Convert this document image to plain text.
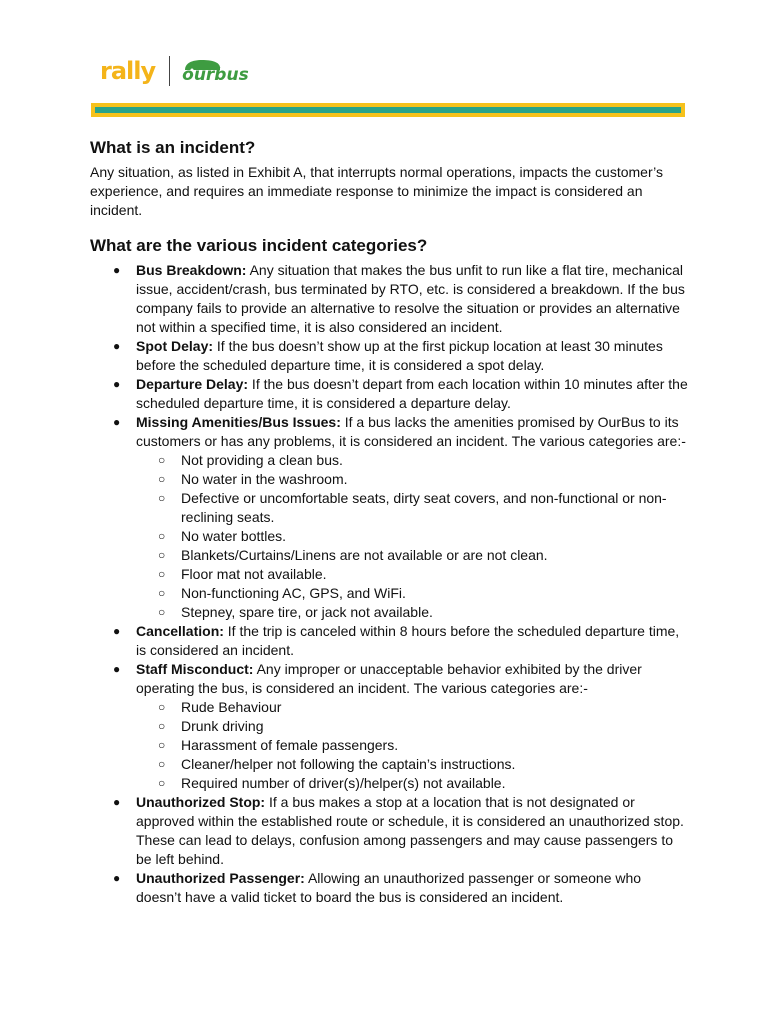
rally ourbus
What is an incident?

Any situation, as listed in Exhibit A, that interrupts normal operations, impacts the customer’s experience, and requires an immediate response to minimize the impact is considered an incident.

What are the various incident categories?
● Bus Breakdown: Any situation that makes the bus unfit to run like a flat tire, mechanical issue, accident/crash, bus terminated by RTO, etc. is considered a breakdown. If the bus company fails to provide an alternative to resolve the situation or provides an alternative not within a specified time, it is also considered an incident.
● Spot Delay: If the bus doesn’t show up at the first pickup location at least 30 minutes before the scheduled departure time, it is considered a spot delay.
● Departure Delay: If the bus doesn’t depart from each location within 10 minutes after the scheduled departure time, it is considered a departure delay.
● Missing Amenities/Bus Issues: If a bus lacks the amenities promised by OurBus to its customers or has any problems, it is considered an incident. The various categories are:-
○ Not providing a clean bus.
○ No water in the washroom.
○ Defective or uncomfortable seats, dirty seat covers, and non-functional or non-reclining seats.
○ No water bottles.
○ Blankets/Curtains/Linens are not available or are not clean.
○ Floor mat not available.
○ Non-functioning AC, GPS, and WiFi.
○ Stepney, spare tire, or jack not available.
● Cancellation: If the trip is canceled within 8 hours before the scheduled departure time, is considered an incident.
● Staff Misconduct: Any improper or unacceptable behavior exhibited by the driver operating the bus, is considered an incident. The various categories are:-
○ Rude Behaviour
○ Drunk driving
○ Harassment of female passengers.
○ Cleaner/helper not following the captain’s instructions.
○ Required number of driver(s)/helper(s) not available.
● Unauthorized Stop: If a bus makes a stop at a location that is not designated or approved within the established route or schedule, it is considered an unauthorized stop. These can lead to delays, confusion among passengers and may cause passengers to be left behind.
● Unauthorized Passenger: Allowing an unauthorized passenger or someone who doesn’t have a valid ticket to board the bus is considered an incident.
